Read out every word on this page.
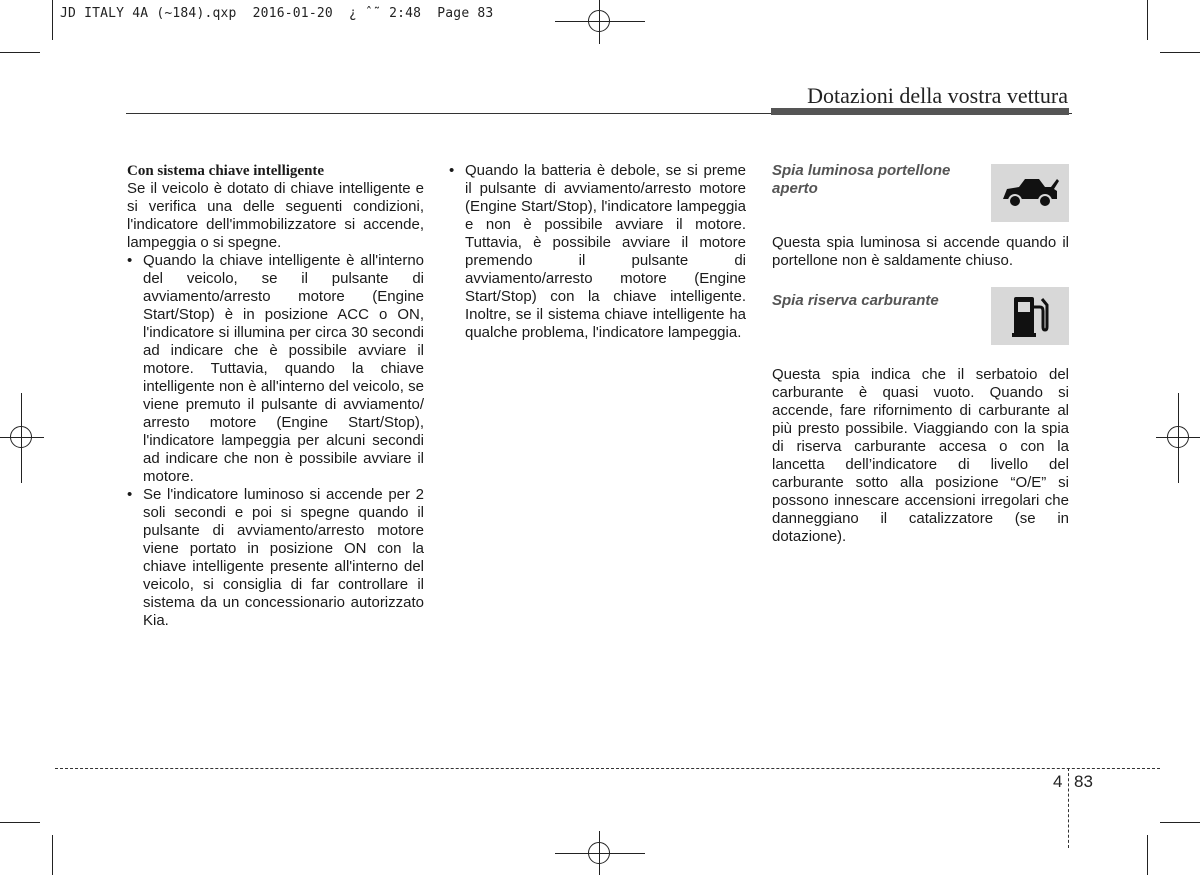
JD ITALY 4A (~184).qxp  2016-01-20  ¿ ˆ˜ 2:48  Page 83
Dotazioni della vostra vettura

Con sistema chiave intelligente

Se il veicolo è dotato di chiave intelligente e si verifica una delle seguenti condizioni, l'indicatore dell'immobilizzatore si accende, lampeggia o si spegne.

• Quando la chiave intelligente è all'interno del veicolo, se il pulsante di avviamento/arresto motore (Engine Start/Stop) è in posizione ACC o ON, l'indicatore si illumina per circa 30 secondi ad indicare che è possibile avviare il motore. Tuttavia, quando la chiave intelligente non è all'interno del veicolo, se viene premuto il pulsante di avviamento/ arresto motore (Engine Start/Stop), l'indicatore lampeggia per alcuni secondi ad indicare che non è possibile avviare il motore.
• Se l'indicatore luminoso si accende per 2 soli secondi e poi si spegne quando il pulsante di avviamento/arresto motore viene portato in posizione ON con la chiave intelligente presente all'interno del veicolo, si consiglia di far controllare il sistema da un concessionario autorizzato Kia.
• Quando la batteria è debole, se si preme il pulsante di avviamento/arresto motore (Engine Start/Stop), l'indicatore lampeggia e non è possibile avviare il motore. Tuttavia, è possibile avviare il motore premendo il pulsante di avviamento/arresto motore (Engine Start/Stop) con la chiave intelligente. Inoltre, se il sistema chiave intelligente ha qualche problema, l'indicatore lampeggia.
Spia luminosa portellone aperto

Questa spia luminosa si accende quando il portellone non è saldamente chiuso.

Spia riserva carburante

Questa spia indica che il serbatoio del carburante è quasi vuoto. Quando si accende, fare rifornimento di carburante al più presto possibile. Viaggiando con la spia di riserva carburante accesa o con la lancetta dell’indicatore di livello del carburante sotto alla posizione “O/E” si possono innescare accensioni irregolari che danneggiano il catalizzatore (se in dotazione).

4 83
